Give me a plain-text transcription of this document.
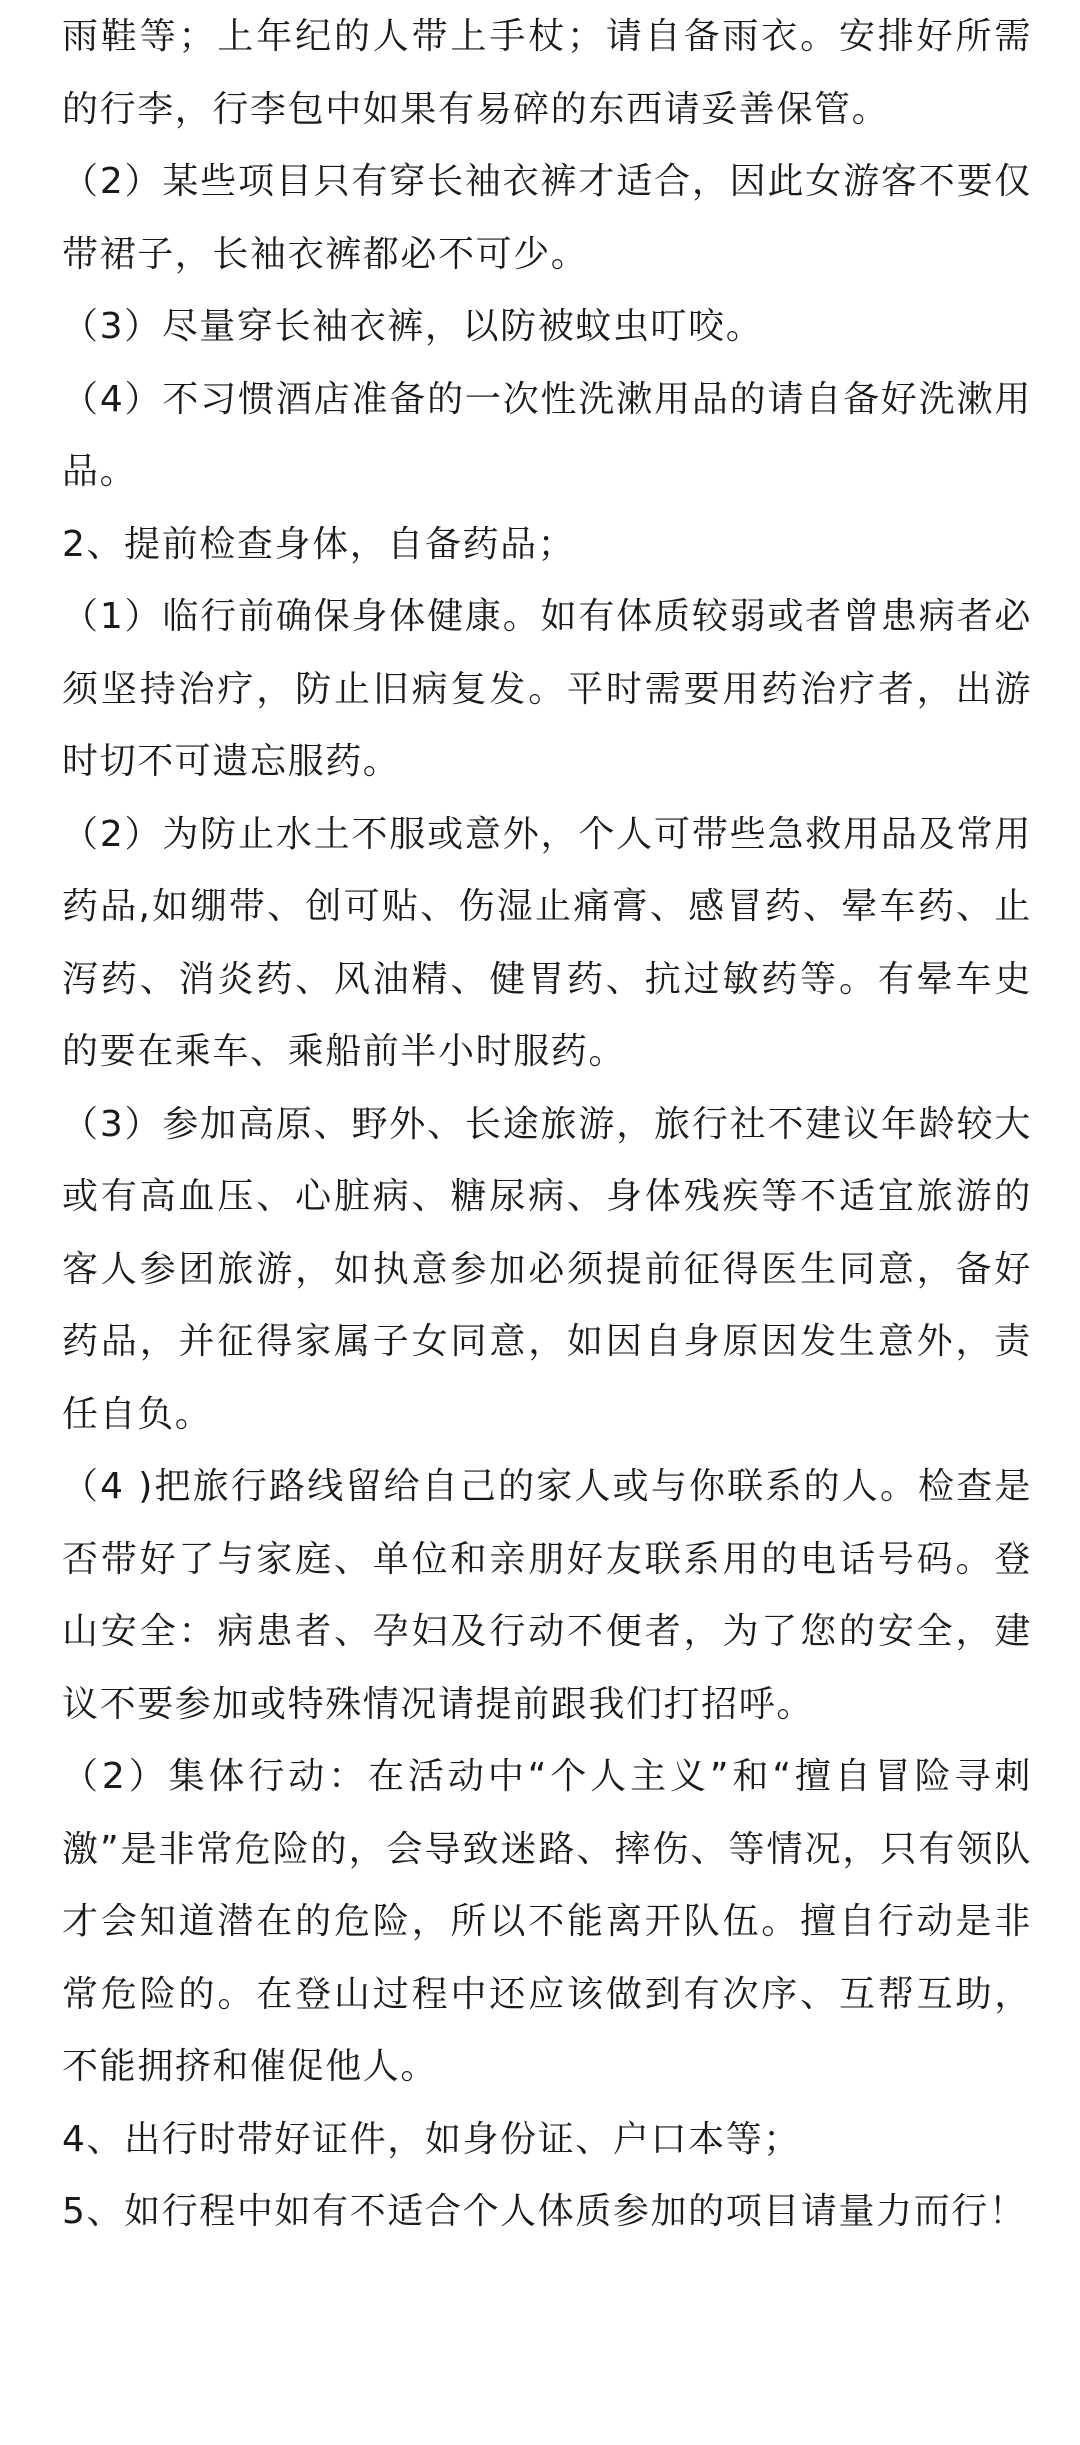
雨鞋等；上年纪的人带上手杖；请自备雨衣。安排好所需的行李，行李包中如果有易碎的东西请妥善保管。

（2）某些项目只有穿长袖衣裤才适合，因此女游客不要仅带裙子，长袖衣裤都必不可少。

（3）尽量穿长袖衣裤，以防被蚊虫叮咬。

（4）不习惯酒店准备的一次性洗漱用品的请自备好洗漱用品。

2、提前检查身体，自备药品；

（1）临行前确保身体健康。如有体质较弱或者曾患病者必须坚持治疗，防止旧病复发。平时需要用药治疗者，出游时切不可遗忘服药。

（2）为防止水土不服或意外，个人可带些急救用品及常用药品,如绷带、创可贴、伤湿止痛膏、感冒药、晕车药、止泻药、消炎药、风油精、健胃药、抗过敏药等。有晕车史的要在乘车、乘船前半小时服药。

（3）参加高原、野外、长途旅游，旅行社不建议年龄较大或有高血压、心脏病、糖尿病、身体残疾等不适宜旅游的客人参团旅游，如执意参加必须提前征得医生同意，备好药品，并征得家属子女同意，如因自身原因发生意外，责任自负。

（4 )把旅行路线留给自己的家人或与你联系的人。检查是否带好了与家庭、单位和亲朋好友联系用的电话号码。登山安全：病患者、孕妇及行动不便者，为了您的安全，建议不要参加或特殊情况请提前跟我们打招呼。

（2）集体行动：在活动中“个人主义”和“擅自冒险寻刺激”是非常危险的，会导致迷路、摔伤、等情况，只有领队才会知道潜在的危险，所以不能离开队伍。擅自行动是非常危险的。在登山过程中还应该做到有次序、互帮互助，不能拥挤和催促他人。

4、出行时带好证件，如身份证、户口本等；

5、如行程中如有不适合个人体质参加的项目请量力而行！
